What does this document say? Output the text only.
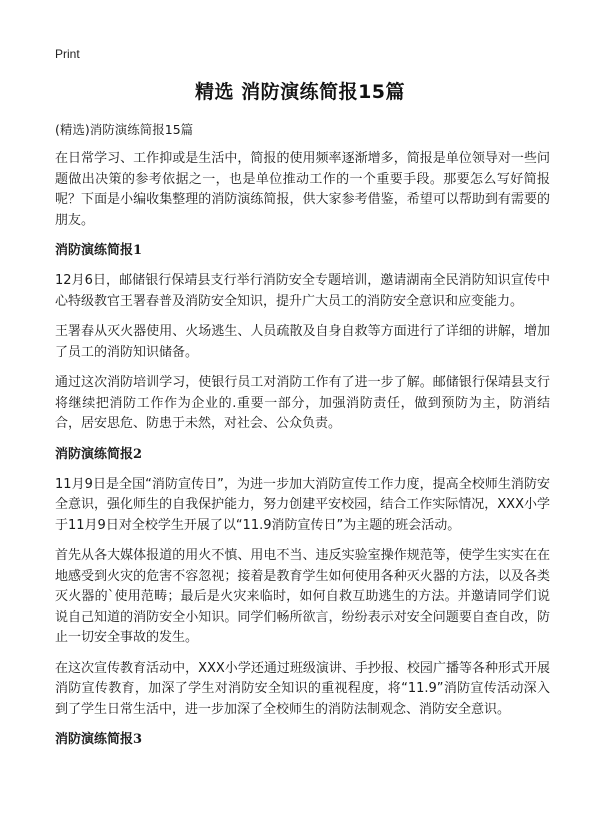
Print
精选 消防演练简报15篇

(精选)消防演练简报15篇

在日常学习、工作抑或是生活中，简报的使用频率逐渐增多，简报是单位领导对一些问题做出决策的参考依据之一，也是单位推动工作的一个重要手段。那要怎么写好简报呢？下面是小编收集整理的消防演练简报，供大家参考借鉴，希望可以帮助到有需要的朋友。

消防演练简报1

12月6日，邮储银行保靖县支行举行消防安全专题培训，邀请湖南全民消防知识宣传中心特级教官王署春普及消防安全知识，提升广大员工的消防安全意识和应变能力。

王署春从灭火器使用、火场逃生、人员疏散及自身自救等方面进行了详细的讲解，增加了员工的消防知识储备。

通过这次消防培训学习，使银行员工对消防工作有了进一步了解。邮储银行保靖县支行将继续把消防工作作为企业的.重要一部分，加强消防责任，做到预防为主，防消结合，居安思危、防患于未然，对社会、公众负责。

消防演练简报2

11月9日是全国“消防宣传日”，为进一步加大消防宣传工作力度，提高全校师生消防安全意识，强化师生的自我保护能力，努力创建平安校园，结合工作实际情况，XXX小学于11月9日对全校学生开展了以“11.9消防宣传日”为主题的班会活动。

首先从各大媒体报道的用火不慎、用电不当、违反实验室操作规范等，使学生实实在在地感受到火灾的危害不容忽视；接着是教育学生如何使用各种灭火器的方法，以及各类灭火器的`使用范畴；最后是火灾来临时，如何自救互助逃生的方法。并邀请同学们说说自己知道的消防安全小知识。同学们畅所欲言，纷纷表示对安全问题要自查自改，防止一切安全事故的发生。

在这次宣传教育活动中，XXX小学还通过班级演讲、手抄报、校园广播等各种形式开展消防宣传教育，加深了学生对消防安全知识的重视程度，将“11.9”消防宣传活动深入到了学生日常生活中，进一步加深了全校师生的消防法制观念、消防安全意识。

消防演练简报3
